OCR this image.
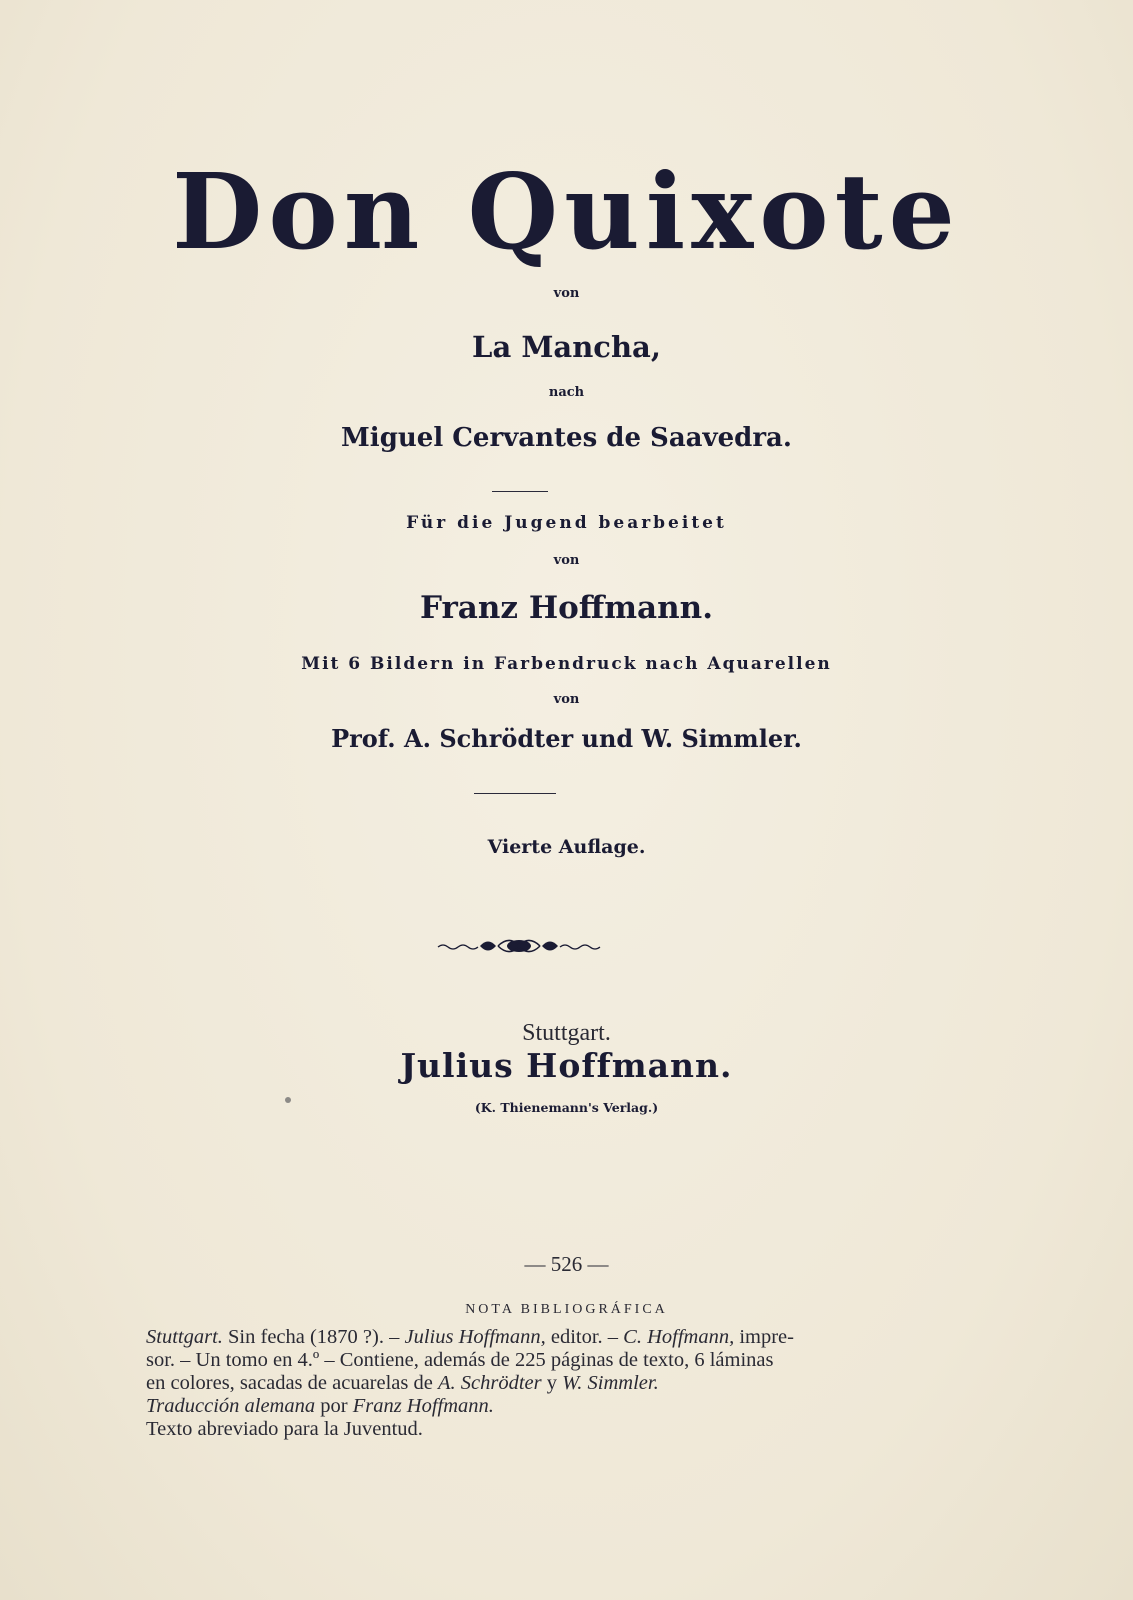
Don Quixote
von
La Mancha,
nach
Miguel Cervantes de Saavedra.
Für die Jugend bearbeitet
von
Franz Hoffmann.
Mit 6 Bildern in Farbendruck nach Aquarellen
von
Prof. A. Schrödter und W. Simmler.
Vierte Auflage.
Stuttgart.
Julius Hoffmann.
(K. Thienemann's Verlag.)
— 526 —
NOTA BIBLIOGRÁFICA

Stuttgart. Sin fecha (1870 ?). – Julius Hoffmann, editor. – C. Hoffmann, impre-

sor. – Un tomo en 4.º – Contiene, además de 225 páginas de texto, 6 láminas

en colores, sacadas de acuarelas de A. Schrödter y W. Simmler.

Traducción alemana por Franz Hoffmann.

Texto abreviado para la Juventud.
